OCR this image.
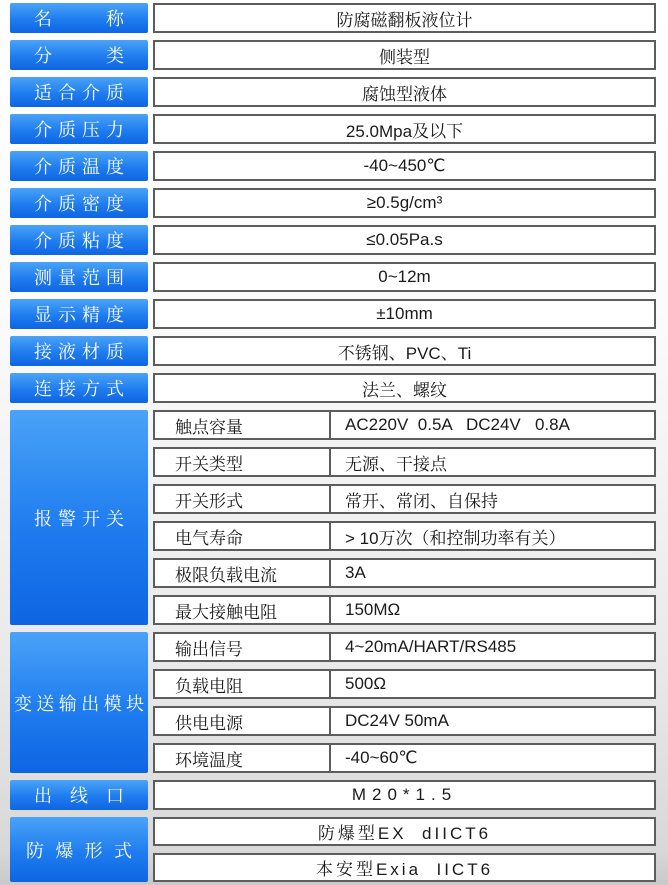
名称	防腐磁翻板液位计
分类	侧装型
适合介质	腐蚀型液体
介质压力	25.0Mpa及以下
介质温度	-40~450℃
介质密度	≥0.5g/cm³
介质粘度	≤0.05Pa.s
测量范围	0~12m
显示精度	±10mm
接液材质	不锈钢、PVC、Ti
连接方式	法兰、螺纹
报警开关
触点容量	AC220V  0.5A   DC24V   0.8A
开关类型	无源、干接点
开关形式	常开、常闭、自保持
电气寿命	> 10万次（和控制功率有关）
极限负载电流	3A
最大接触电阻	150MΩ
变送输出模块
输出信号	4~20mA/HART/RS485
负载电阻	500Ω
供电电源	DC24V 50mA
环境温度	-40~60℃
出线口	M20*1.5
防爆形式
防爆型EX  dIICT6
本安型Exia  IICT6
